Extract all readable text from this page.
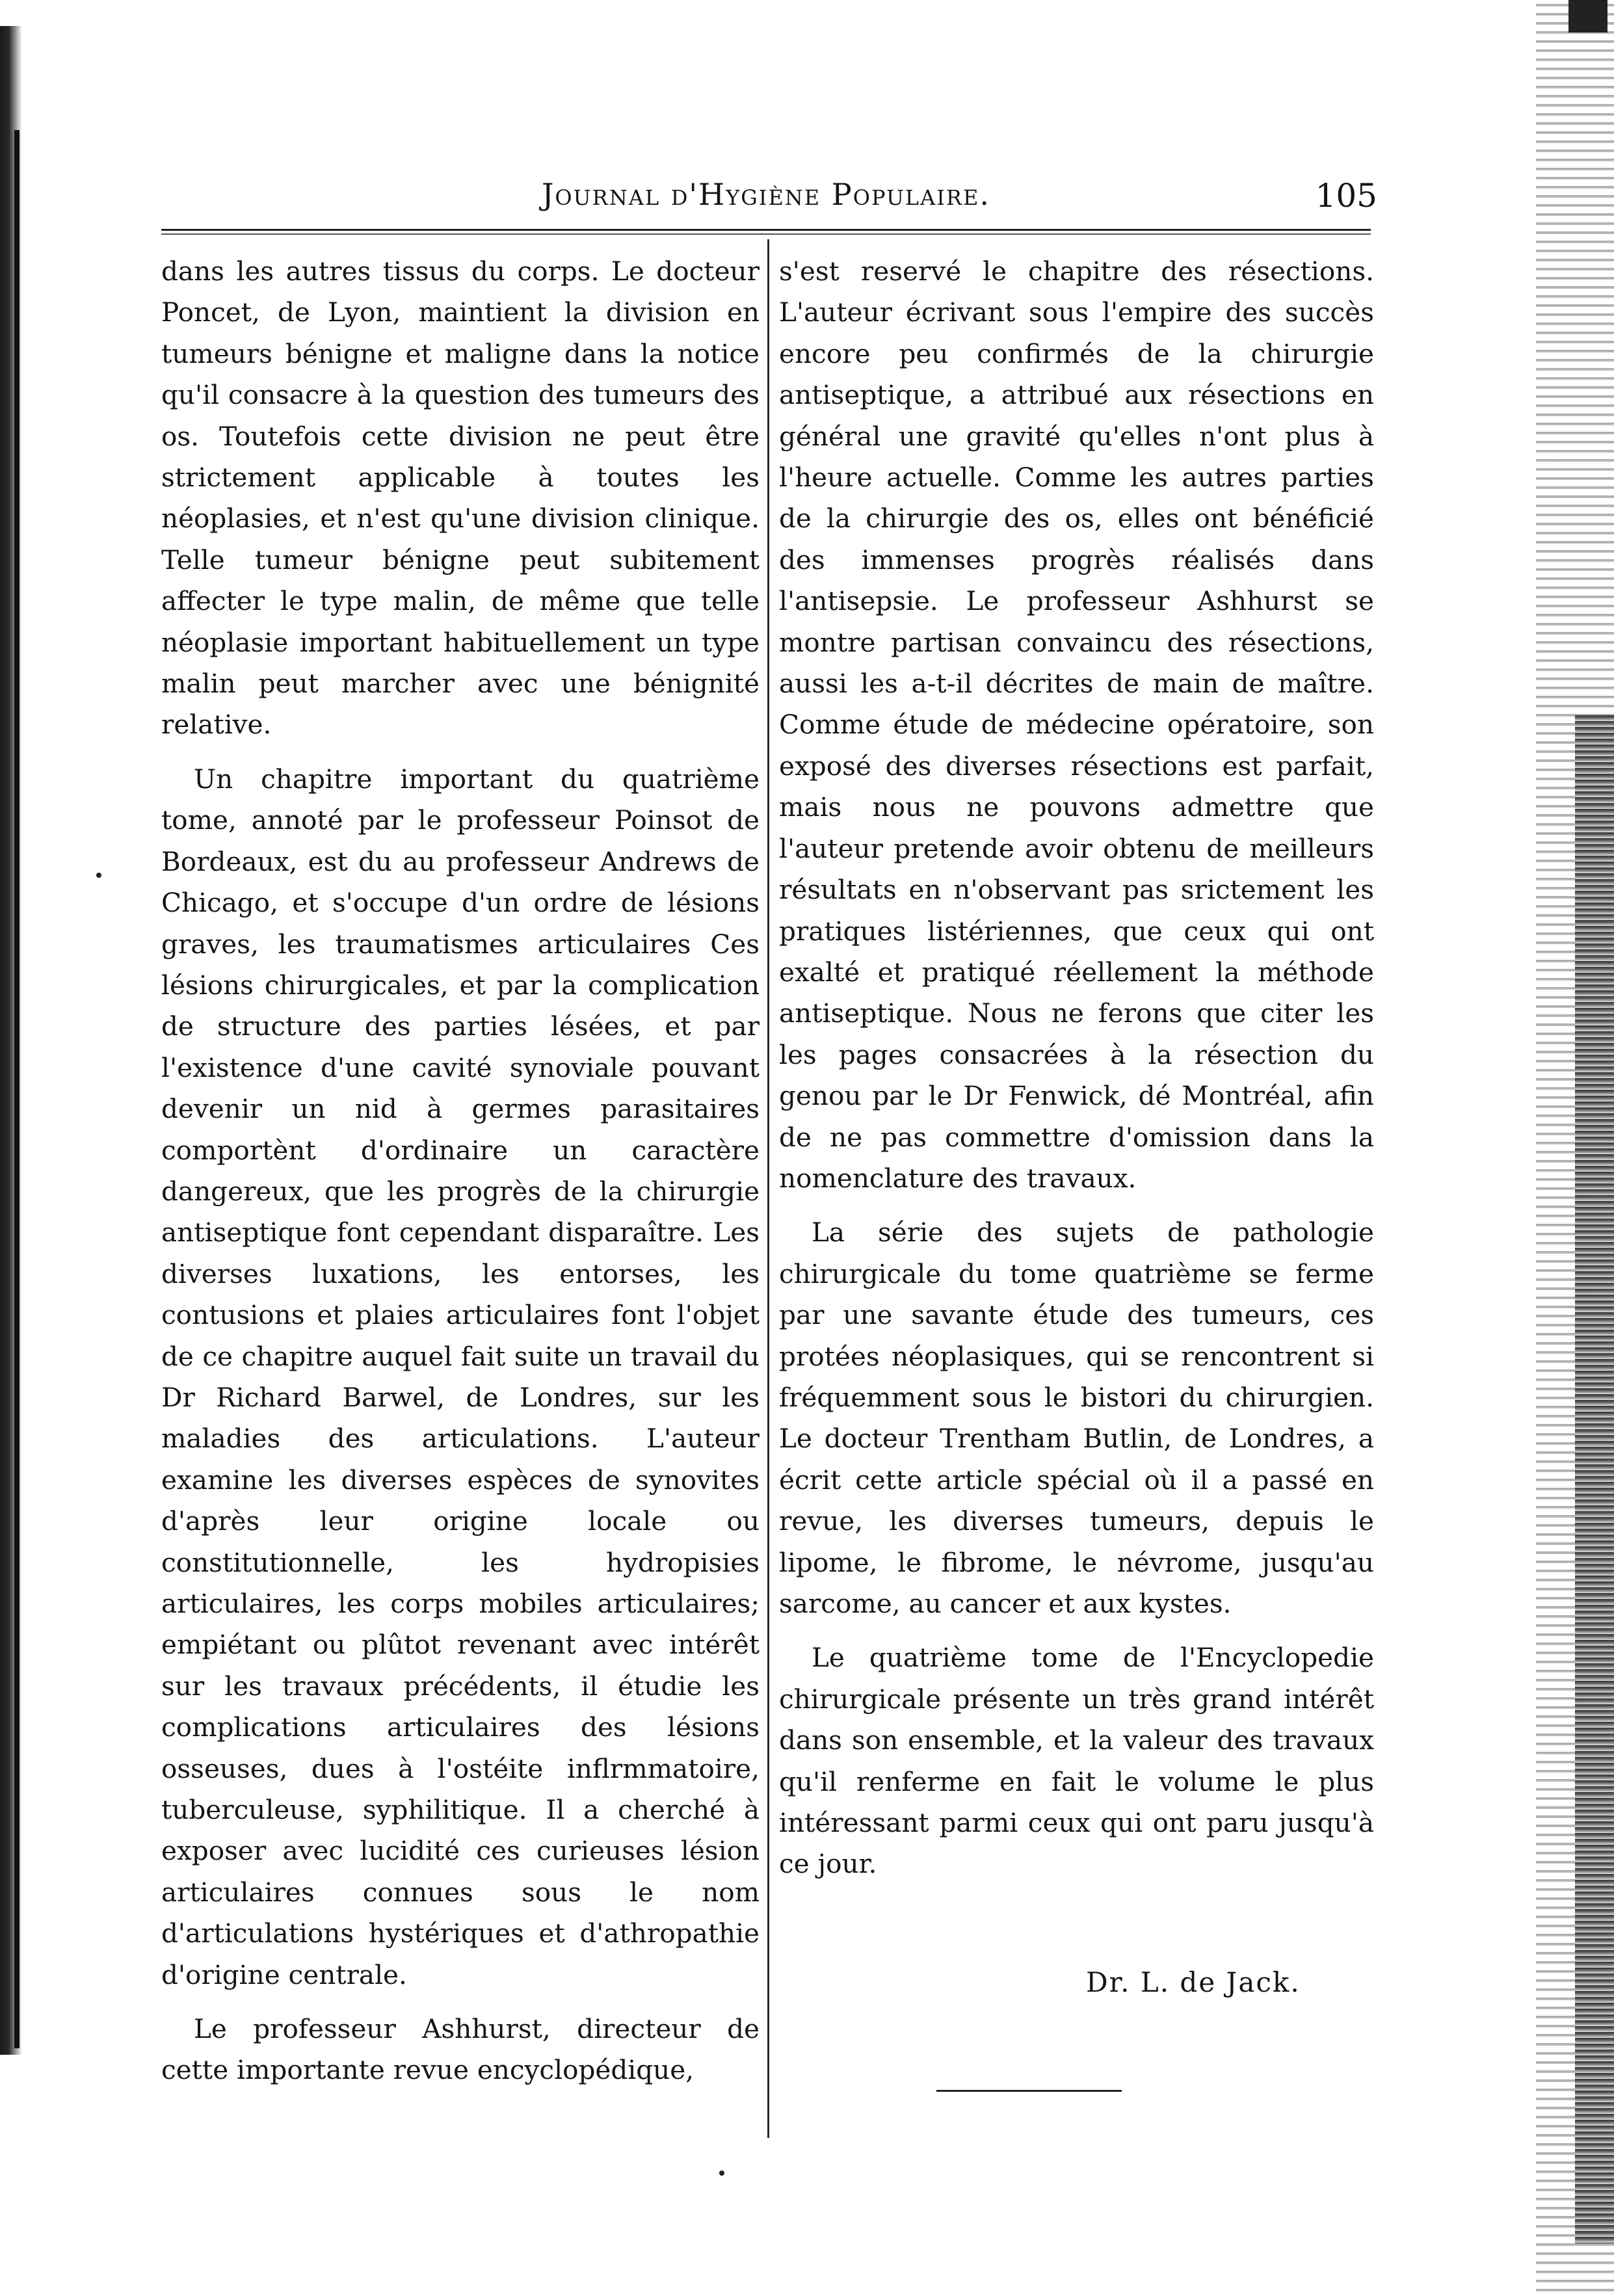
Journal d'Hygiène Populaire.	105

dans les autres tissus du corps. Le docteur Poncet, de Lyon, maintient la division en tumeurs bénigne et maligne dans la notice qu'il consacre à la question des tumeurs des os. Toutefois cette division ne peut être strictement applicable à toutes les néoplasies, et n'est qu'une division clinique. Telle tumeur bénigne peut subitement affecter le type malin, de même que telle néoplasie important habituellement un type malin peut marcher avec une bénignité relative.

Un chapitre important du quatrième tome, annoté par le professeur Poinsot de Bordeaux, est du au professeur Andrews de Chicago, et s'occupe d'un ordre de lésions graves, les traumatismes articulaires Ces lésions chirurgicales, et par la complication de structure des parties lésées, et par l'existence d'une cavité synoviale pouvant devenir un nid à germes parasitaires comportènt d'ordinaire un caractère dangereux, que les progrès de la chirurgie antiseptique font cependant disparaître. Les diverses luxations, les entorses, les contusions et plaies articulaires font l'objet de ce chapitre auquel fait suite un travail du Dr Richard Barwel, de Londres, sur les maladies des articulations. L'auteur examine les diverses espèces de synovites d'après leur origine locale ou constitutionnelle, les hydropisies articulaires, les corps mobiles articulaires; empiétant ou plûtot revenant avec intérêt sur les travaux précédents, il étudie les complications articulaires des lésions osseuses, dues à l'ostéite inflrmmatoire, tuberculeuse, syphilitique. Il a cherché à exposer avec lucidité ces curieuses lésion articulaires connues sous le nom d'articulations hystériques et d'athropathie d'origine centrale.

Le professeur Ashhurst, directeur de cette importante revue encyclopédique,

s'est reservé le chapitre des résections. L'auteur écrivant sous l'empire des succès encore peu confirmés de la chirurgie antiseptique, a attribué aux résections en général une gravité qu'elles n'ont plus à l'heure actuelle. Comme les autres parties de la chirurgie des os, elles ont bénéficié des immenses progrès réalisés dans l'antisepsie. Le professeur Ashhurst se montre partisan convaincu des résections, aussi les a-t-il décrites de main de maître. Comme étude de médecine opératoire, son exposé des diverses résections est parfait, mais nous ne pouvons admettre que l'auteur pretende avoir obtenu de meilleurs résultats en n'observant pas srictement les pratiques listériennes, que ceux qui ont exalté et pratiqué réellement la méthode antiseptique. Nous ne ferons que citer les les pages consacrées à la résection du genou par le Dr Fenwick, dé Montréal, afin de ne pas commettre d'omission dans la nomenclature des travaux.

La série des sujets de pathologie chirurgicale du tome quatrième se ferme par une savante étude des tumeurs, ces protées néoplasiques, qui se rencontrent si fréquemment sous le bistori du chirurgien. Le docteur Trentham Butlin, de Londres, a écrit cette article spécial où il a passé en revue, les diverses tumeurs, depuis le lipome, le fibrome, le névrome, jusqu'au sarcome, au cancer et aux kystes.

Le quatrième tome de l'Encyclopedie chirurgicale présente un très grand intérêt dans son ensemble, et la valeur des travaux qu'il renferme en fait le volume le plus intéressant parmi ceux qui ont paru jusqu'à ce jour.

Dr. L. de Jack.
